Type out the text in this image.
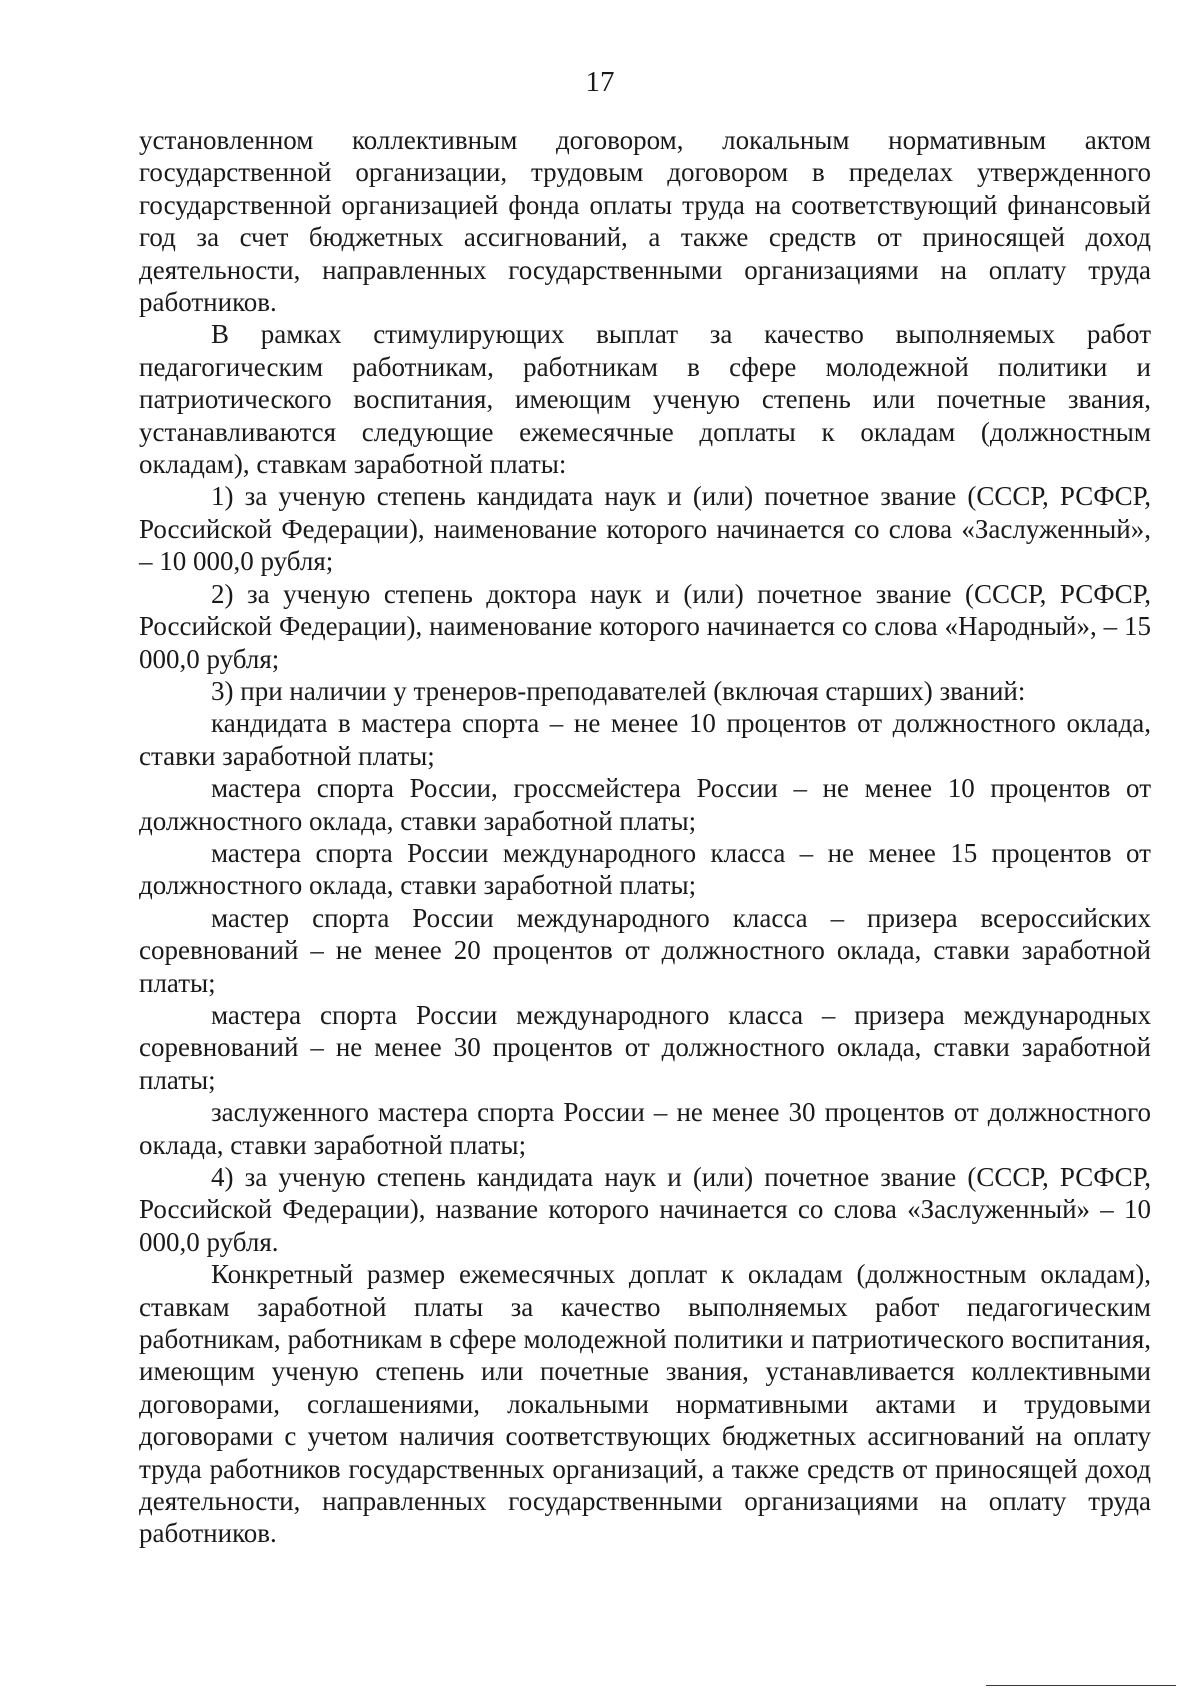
17

установленном коллективным договором, локальным нормативным актом государственной организации, трудовым договором в пределах утвержденного государственной организацией фонда оплаты труда на соответствующий финансовый год за счет бюджетных ассигнований, а также средств от приносящей доход деятельности, направленных государственными организациями на оплату труда работников.

В рамках стимулирующих выплат за качество выполняемых работ педагогическим работникам, работникам в сфере молодежной политики и патриотического воспитания, имеющим ученую степень или почетные звания, устанавливаются следующие ежемесячные доплаты к окладам (должностным окладам), ставкам заработной платы:

1) за ученую степень кандидата наук и (или) почетное звание (СССР, РСФСР, Российской Федерации), наименование которого начинается со слова «Заслуженный», – 10 000,0 рубля;

2) за ученую степень доктора наук и (или) почетное звание (СССР, РСФСР, Российской Федерации), наименование которого начинается со слова «Народный», – 15 000,0 рубля;

3) при наличии у тренеров-преподавателей (включая старших) званий:

кандидата в мастера спорта – не менее 10 процентов от должностного оклада, ставки заработной платы;

мастера спорта России, гроссмейстера России – не менее 10 процентов от должностного оклада, ставки заработной платы;

мастера спорта России международного класса – не менее 15 процентов от должностного оклада, ставки заработной платы;

мастер спорта России международного класса – призера всероссийских соревнований – не менее 20 процентов от должностного оклада, ставки заработной платы;

мастера спорта России международного класса – призера международных соревнований – не менее 30 процентов от должностного оклада, ставки заработной платы;

заслуженного мастера спорта России – не менее 30 процентов от должностного оклада, ставки заработной платы;

4) за ученую степень кандидата наук и (или) почетное звание (СССР, РСФСР, Российской Федерации), название которого начинается со слова «Заслуженный» – 10 000,0 рубля.

Конкретный размер ежемесячных доплат к окладам (должностным окладам), ставкам заработной платы за качество выполняемых работ педагогическим работникам, работникам в сфере молодежной политики и патриотического воспитания, имеющим ученую степень или почетные звания, устанавливается коллективными договорами, соглашениями, локальными нормативными актами и трудовыми договорами с учетом наличия соответствующих бюджетных ассигнований на оплату труда работников государственных организаций, а также средств от приносящей доход деятельности, направленных государственными организациями на оплату труда работников.
